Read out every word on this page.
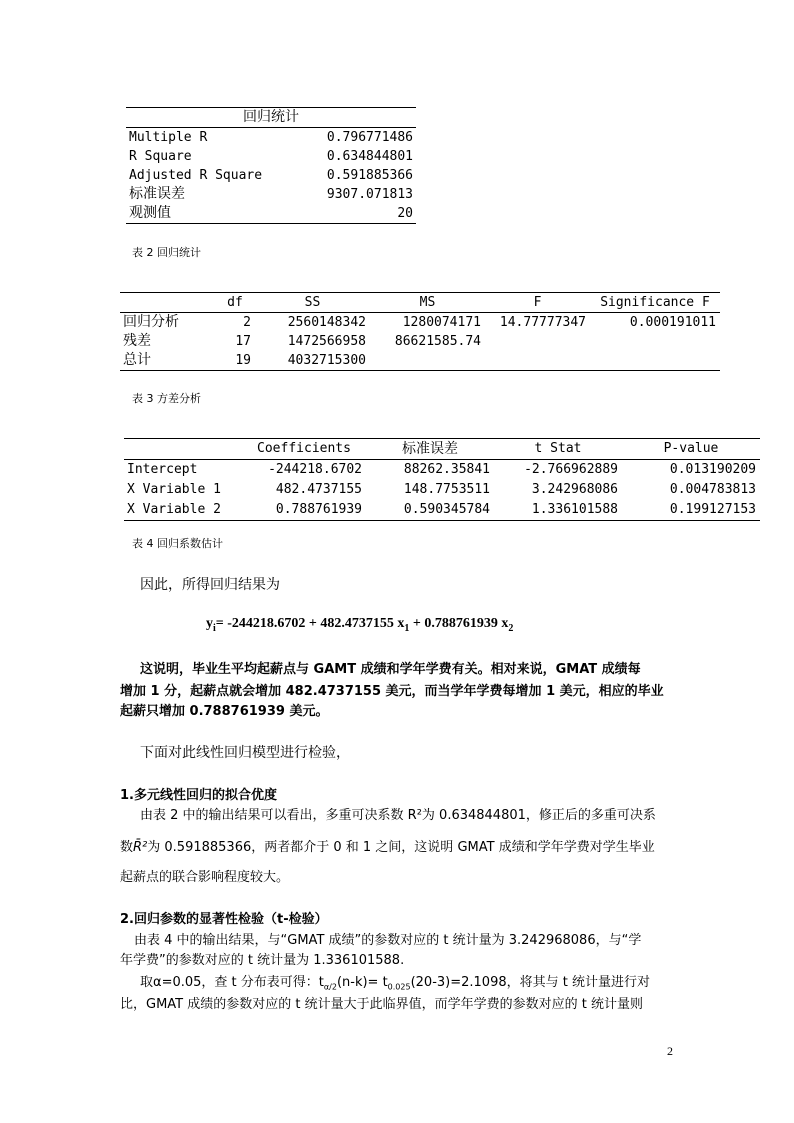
回归统计	
Multiple R	0.796771486
R Square	0.634844801
Adjusted R Square	0.591885366
标准误差	9307.071813
观测值	20
表 2 回归统计
	df	SS	MS	F	Significance F
回归分析	2	2560148342	1280074171	14.77777347	0.000191011
残差	17	1472566958	86621585.74		
总计	19	4032715300			
表 3 方差分析
	Coefficients	标准误差	t Stat	P-value
Intercept	-244218.6702	88262.35841	-2.766962889	0.013190209
X Variable 1	482.4737155	148.7753511	3.242968086	0.004783813
X Variable 2	0.788761939	0.590345784	1.336101588	0.199127153
表 4 回归系数估计
因此，所得回归结果为
$y_i= -244218.6702 + 482.4737155$ $x_1 + 0.788761939$ $x_2$
这说明，毕业生平均起薪点与 GAMT 成绩和学年学费有关。相对来说，GMAT 成绩每
增加 1 分，起薪点就会增加 482.4737155 美元，而当学年学费每增加 1 美元，相应的毕业
起薪只增加 0.788761939 美元。
下面对此线性回归模型进行检验，
1.多元线性回归的拟合优度
由表 2 中的输出结果可以看出，多重可决系数 R²为 0.634844801，修正后的多重可决系
数R̄²为 0.591885366，两者都介于 0 和 1 之间，这说明 GMAT 成绩和学年学费对学生毕业
起薪点的联合影响程度较大。
2.回归参数的显著性检验（t-检验）
由表 4 中的输出结果，与“GMAT 成绩”的参数对应的 t 统计量为 3.242968086，与“学
年学费”的参数对应的 t 统计量为 1.336101588.
取α=0.05，查 t 分布表可得：$t_{\alpha/2}(n-k)= t_{0.025}(20-3)=2.1098$，将其与 t 统计量进行对
比，GMAT 成绩的参数对应的 t 统计量大于此临界值，而学年学费的参数对应的 t 统计量则
2
